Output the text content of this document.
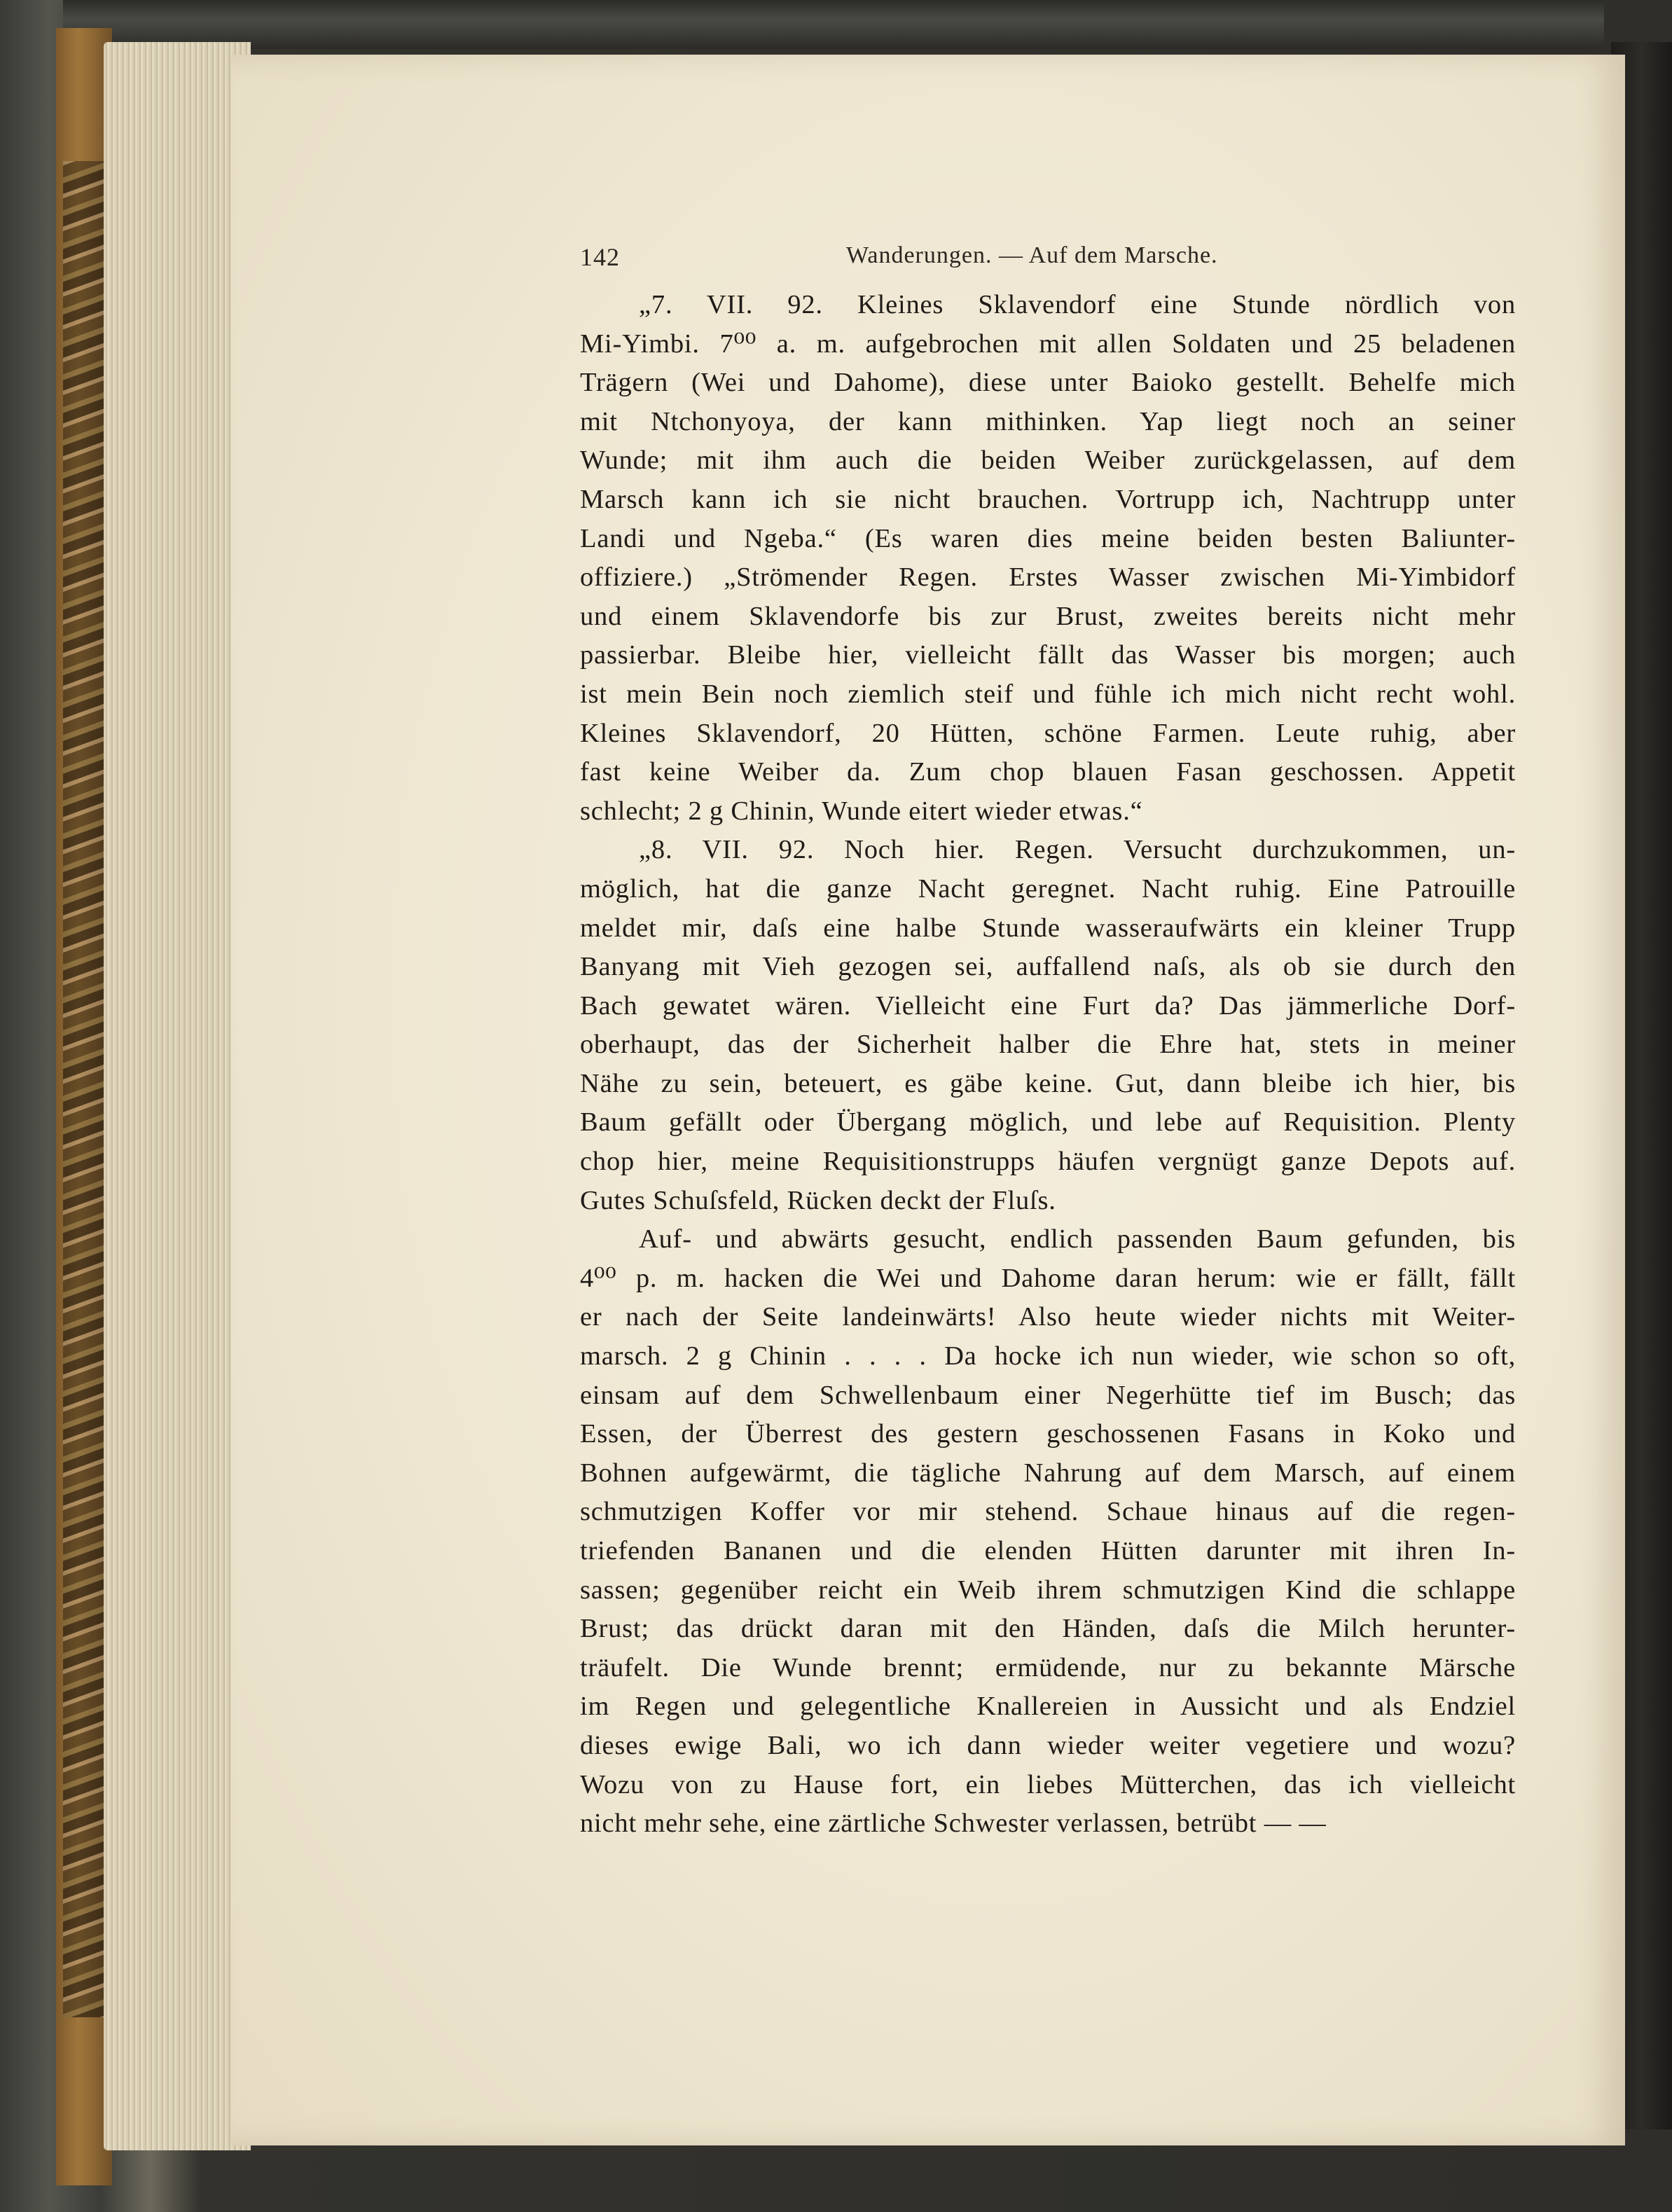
142	Wanderungen. — Auf dem Marsche.
„7. VII. 92. Kleines Sklavendorf eine Stunde nördlich von
Mi-Yimbi. 7⁰⁰ a. m. aufgebrochen mit allen Soldaten und 25 beladenen
Trägern (Wei und Dahome), diese unter Baioko gestellt. Behelfe mich
mit Ntchonyoya, der kann mithinken. Yap liegt noch an seiner
Wunde; mit ihm auch die beiden Weiber zurückgelassen, auf dem
Marsch kann ich sie nicht brauchen. Vortrupp ich, Nachtrupp unter
Landi und Ngeba.“ (Es waren dies meine beiden besten Baliunter-
offiziere.) „Strömender Regen. Erstes Wasser zwischen Mi-Yimbidorf
und einem Sklavendorfe bis zur Brust, zweites bereits nicht mehr
passierbar. Bleibe hier, vielleicht fällt das Wasser bis morgen; auch
ist mein Bein noch ziemlich steif und fühle ich mich nicht recht wohl.
Kleines Sklavendorf, 20 Hütten, schöne Farmen. Leute ruhig, aber
fast keine Weiber da. Zum chop blauen Fasan geschossen. Appetit
schlecht; 2 g Chinin, Wunde eitert wieder etwas.“
„8. VII. 92. Noch hier. Regen. Versucht durchzukommen, un-
möglich, hat die ganze Nacht geregnet. Nacht ruhig. Eine Patrouille
meldet mir, daſs eine halbe Stunde wasseraufwärts ein kleiner Trupp
Banyang mit Vieh gezogen sei, auffallend naſs, als ob sie durch den
Bach gewatet wären. Vielleicht eine Furt da? Das jämmerliche Dorf-
oberhaupt, das der Sicherheit halber die Ehre hat, stets in meiner
Nähe zu sein, beteuert, es gäbe keine. Gut, dann bleibe ich hier, bis
Baum gefällt oder Übergang möglich, und lebe auf Requisition. Plenty
chop hier, meine Requisitionstrupps häufen vergnügt ganze Depots auf.
Gutes Schuſsfeld, Rücken deckt der Fluſs.
Auf- und abwärts gesucht, endlich passenden Baum gefunden, bis
4⁰⁰ p. m. hacken die Wei und Dahome daran herum: wie er fällt, fällt
er nach der Seite landeinwärts! Also heute wieder nichts mit Weiter-
marsch. 2 g Chinin . . . . Da hocke ich nun wieder, wie schon so oft,
einsam auf dem Schwellenbaum einer Negerhütte tief im Busch; das
Essen, der Überrest des gestern geschossenen Fasans in Koko und
Bohnen aufgewärmt, die tägliche Nahrung auf dem Marsch, auf einem
schmutzigen Koffer vor mir stehend. Schaue hinaus auf die regen-
triefenden Bananen und die elenden Hütten darunter mit ihren In-
sassen; gegenüber reicht ein Weib ihrem schmutzigen Kind die schlappe
Brust; das drückt daran mit den Händen, daſs die Milch herunter-
träufelt. Die Wunde brennt; ermüdende, nur zu bekannte Märsche
im Regen und gelegentliche Knallereien in Aussicht und als Endziel
dieses ewige Bali, wo ich dann wieder weiter vegetiere und wozu?
Wozu von zu Hause fort, ein liebes Mütterchen, das ich vielleicht
nicht mehr sehe, eine zärtliche Schwester verlassen, betrübt — —
